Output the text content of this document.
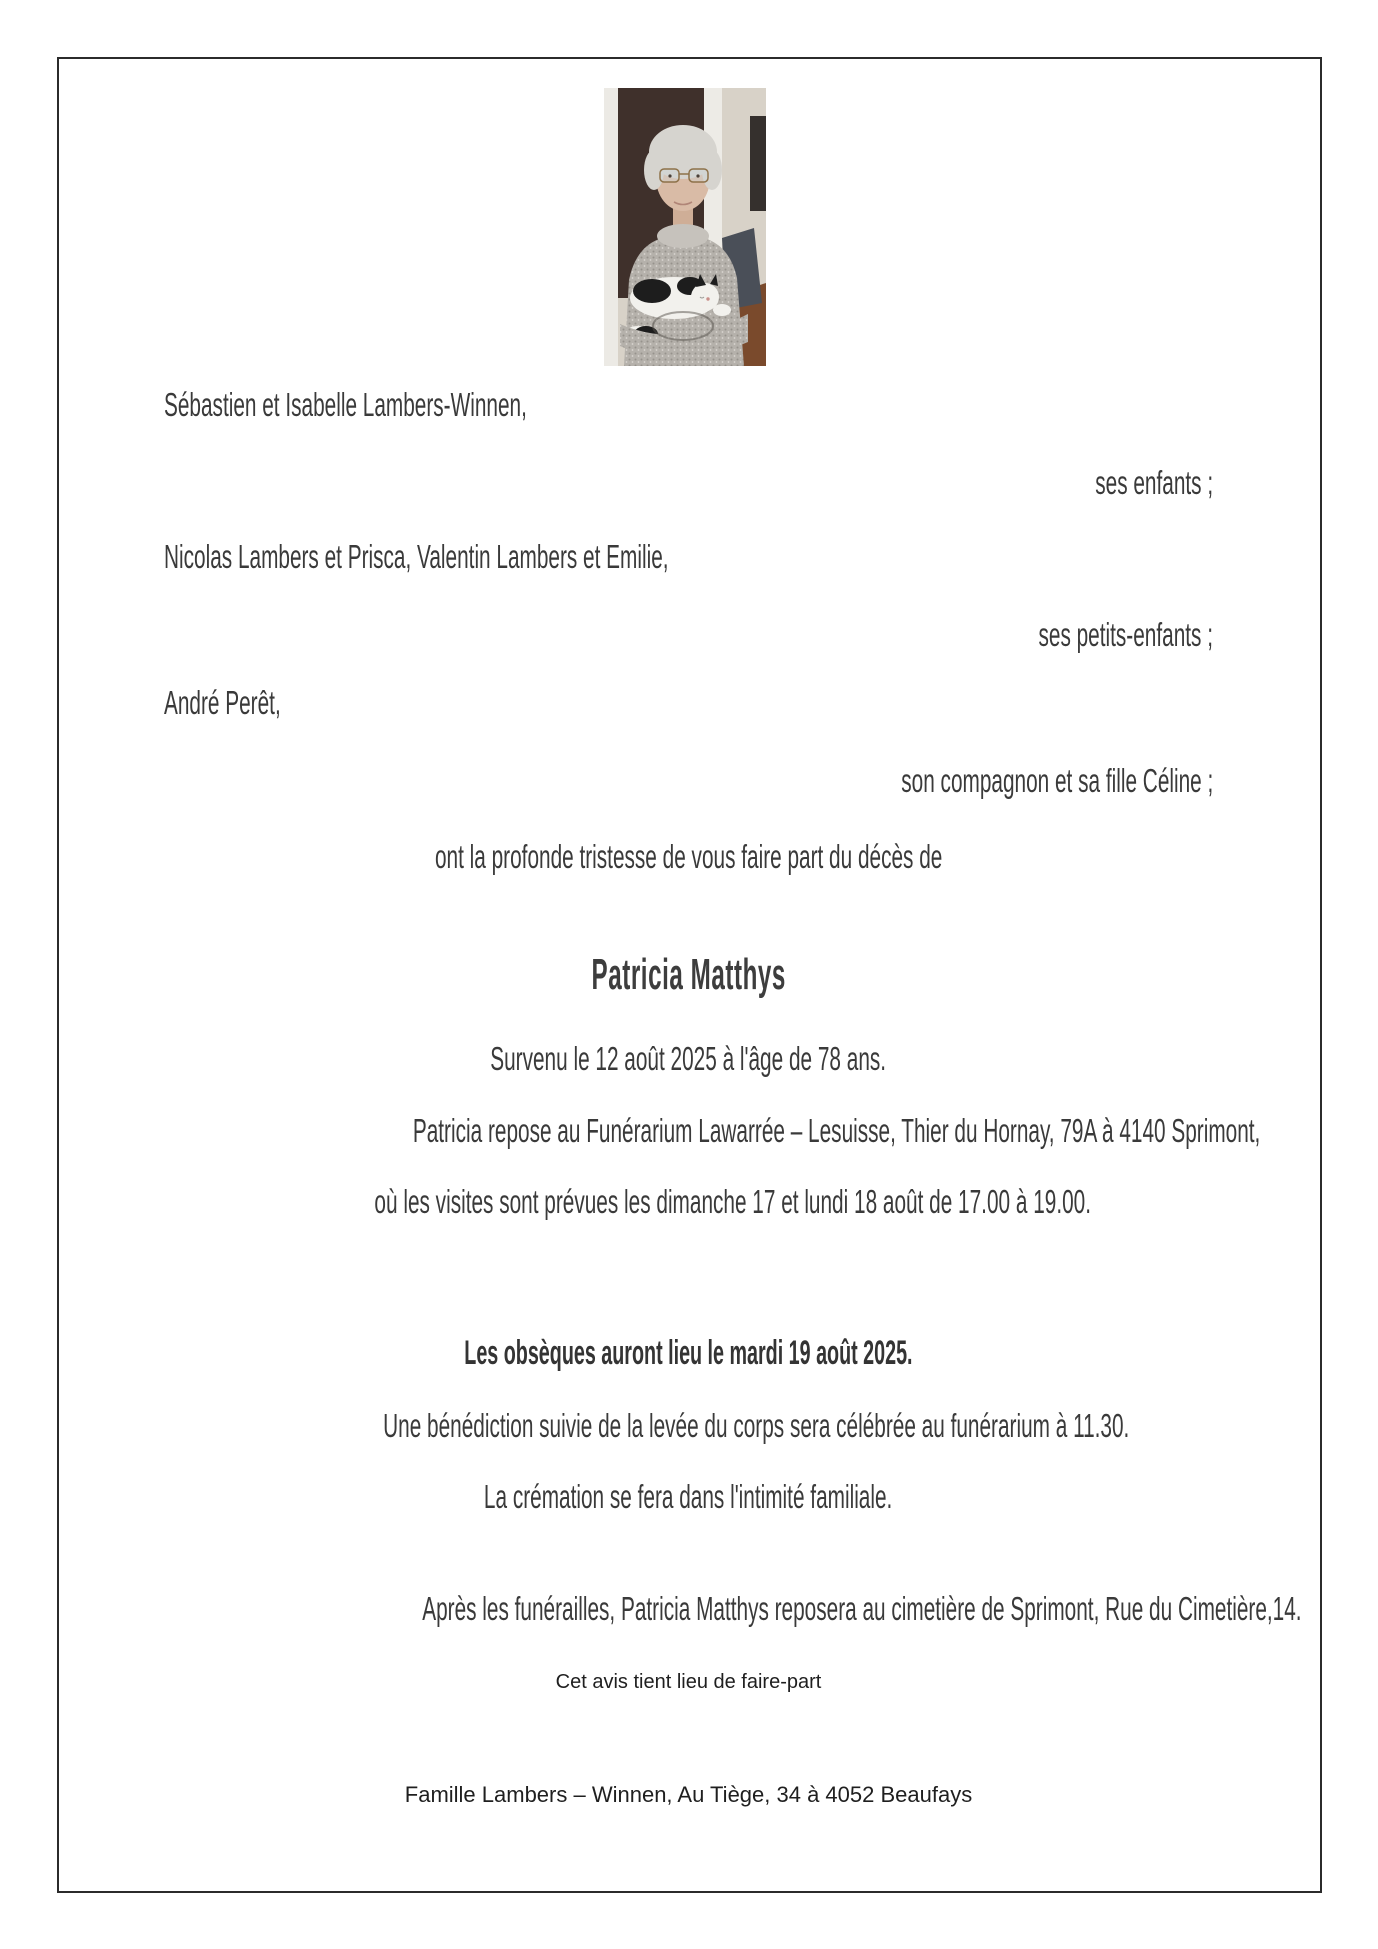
Sébastien et Isabelle Lambers-Winnen,
ses enfants ;
Nicolas Lambers et Prisca, Valentin Lambers et Emilie,
ses petits-enfants ;
André Perêt,
son compagnon et sa fille Céline ;
ont la profonde tristesse de vous faire part du décès de
Patricia Matthys
Survenu le 12 août 2025 à l'âge de 78 ans.
Patricia repose au Funérarium Lawarrée – Lesuisse, Thier du Hornay, 79A à 4140 Sprimont,
où les visites sont prévues les dimanche 17 et lundi 18 août de 17.00 à 19.00.
Les obsèques auront lieu le mardi 19 août 2025.
Une bénédiction suivie de la levée du corps sera célébrée au funérarium à 11.30.
La crémation se fera dans l'intimité familiale.
Après les funérailles, Patricia Matthys reposera au cimetière de Sprimont, Rue du Cimetière,14.
Cet avis tient lieu de faire-part
Famille Lambers – Winnen, Au Tiège, 34 à 4052 Beaufays
